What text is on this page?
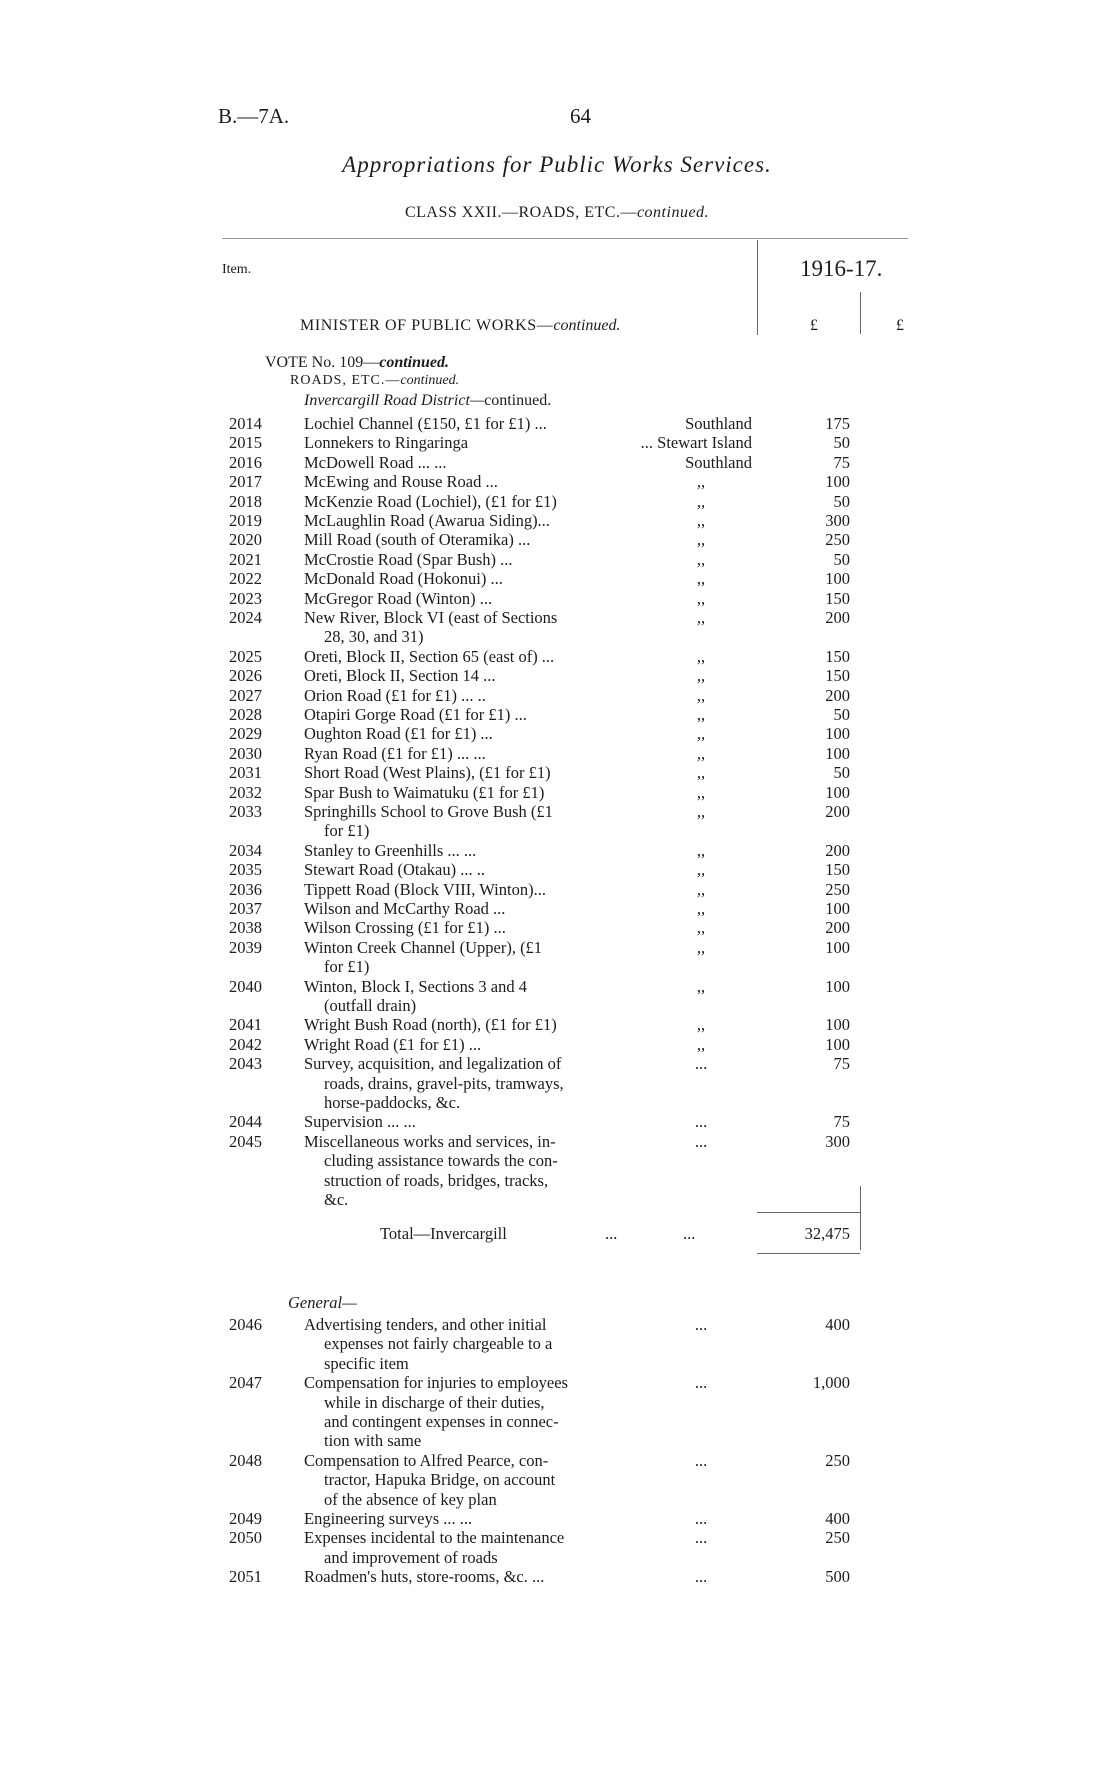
B.—7A.	64
Appropriations for Public Works Services.
CLASS XXII.—ROADS, ETC.—continued.
Item.	1916-17.
MINISTER OF PUBLIC WORKS—continued.	£	£
VOTE No. 109—continued.
ROADS, ETC.—continued.
Invercargill Road District—continued.
2014	Lochiel Channel (£150, £1 for £1) ...	Southland	175
2015	Lonnekers to Ringaringa	... Stewart Island	50
2016	McDowell Road ... ...	Southland	75
2017	McEwing and Rouse Road ...	,,	100
2018	McKenzie Road (Lochiel), (£1 for £1)	,,	50
2019	McLaughlin Road (Awarua Siding)...	,,	300
2020	Mill Road (south of Oteramika) ...	,,	250
2021	McCrostie Road (Spar Bush) ...	,,	50
2022	McDonald Road (Hokonui) ...	,,	100
2023	McGregor Road (Winton) ...	,,	150
2024	New River, Block VI (east of Sections
28, 30, and 31)
,,	200
2025	Oreti, Block II, Section 65 (east of) ...	,,	150
2026	Oreti, Block II, Section 14 ...	,,	150
2027	Orion Road (£1 for £1) ... ..	,,	200
2028	Otapiri Gorge Road (£1 for £1) ...	,,	50
2029	Oughton Road (£1 for £1) ...	,,	100
2030	Ryan Road (£1 for £1) ... ...	,,	100
2031	Short Road (West Plains), (£1 for £1)	,,	50
2032	Spar Bush to Waimatuku (£1 for £1)	,,	100
2033	Springhills School to Grove Bush (£1
for £1)
,,	200
2034	Stanley to Greenhills ... ...	,,	200
2035	Stewart Road (Otakau) ... ..	,,	150
2036	Tippett Road (Block VIII, Winton)...	,,	250
2037	Wilson and McCarthy Road ...	,,	100
2038	Wilson Crossing (£1 for £1) ...	,,	200
2039	Winton Creek Channel (Upper), (£1
for £1)
,,	100
2040	Winton, Block I, Sections 3 and 4
(outfall drain)
,,	100
2041	Wright Bush Road (north), (£1 for £1)	,,	100
2042	Wright Road (£1 for £1) ...	,,	100
2043	Survey, acquisition, and legalization of
roads, drains, gravel-pits, tramways,
horse-paddocks, &c.
...	75
2044	Supervision ... ...	...	75
2045	Miscellaneous works and services, in-
cluding assistance towards the con-
struction of roads, bridges, tracks,
&c.
...	300
Total—Invercargill	...	...	32,475
General—
2046	Advertising tenders, and other initial
expenses not fairly chargeable to a
specific item
...	400
2047	Compensation for injuries to employees
while in discharge of their duties,
and contingent expenses in connec-
tion with same
...	1,000
2048	Compensation to Alfred Pearce, con-
tractor, Hapuka Bridge, on account
of the absence of key plan
...	250
2049	Engineering surveys ... ...	...	400
2050	Expenses incidental to the maintenance
and improvement of roads
...	250
2051	Roadmen's huts, store-rooms, &c. ...	...	500
